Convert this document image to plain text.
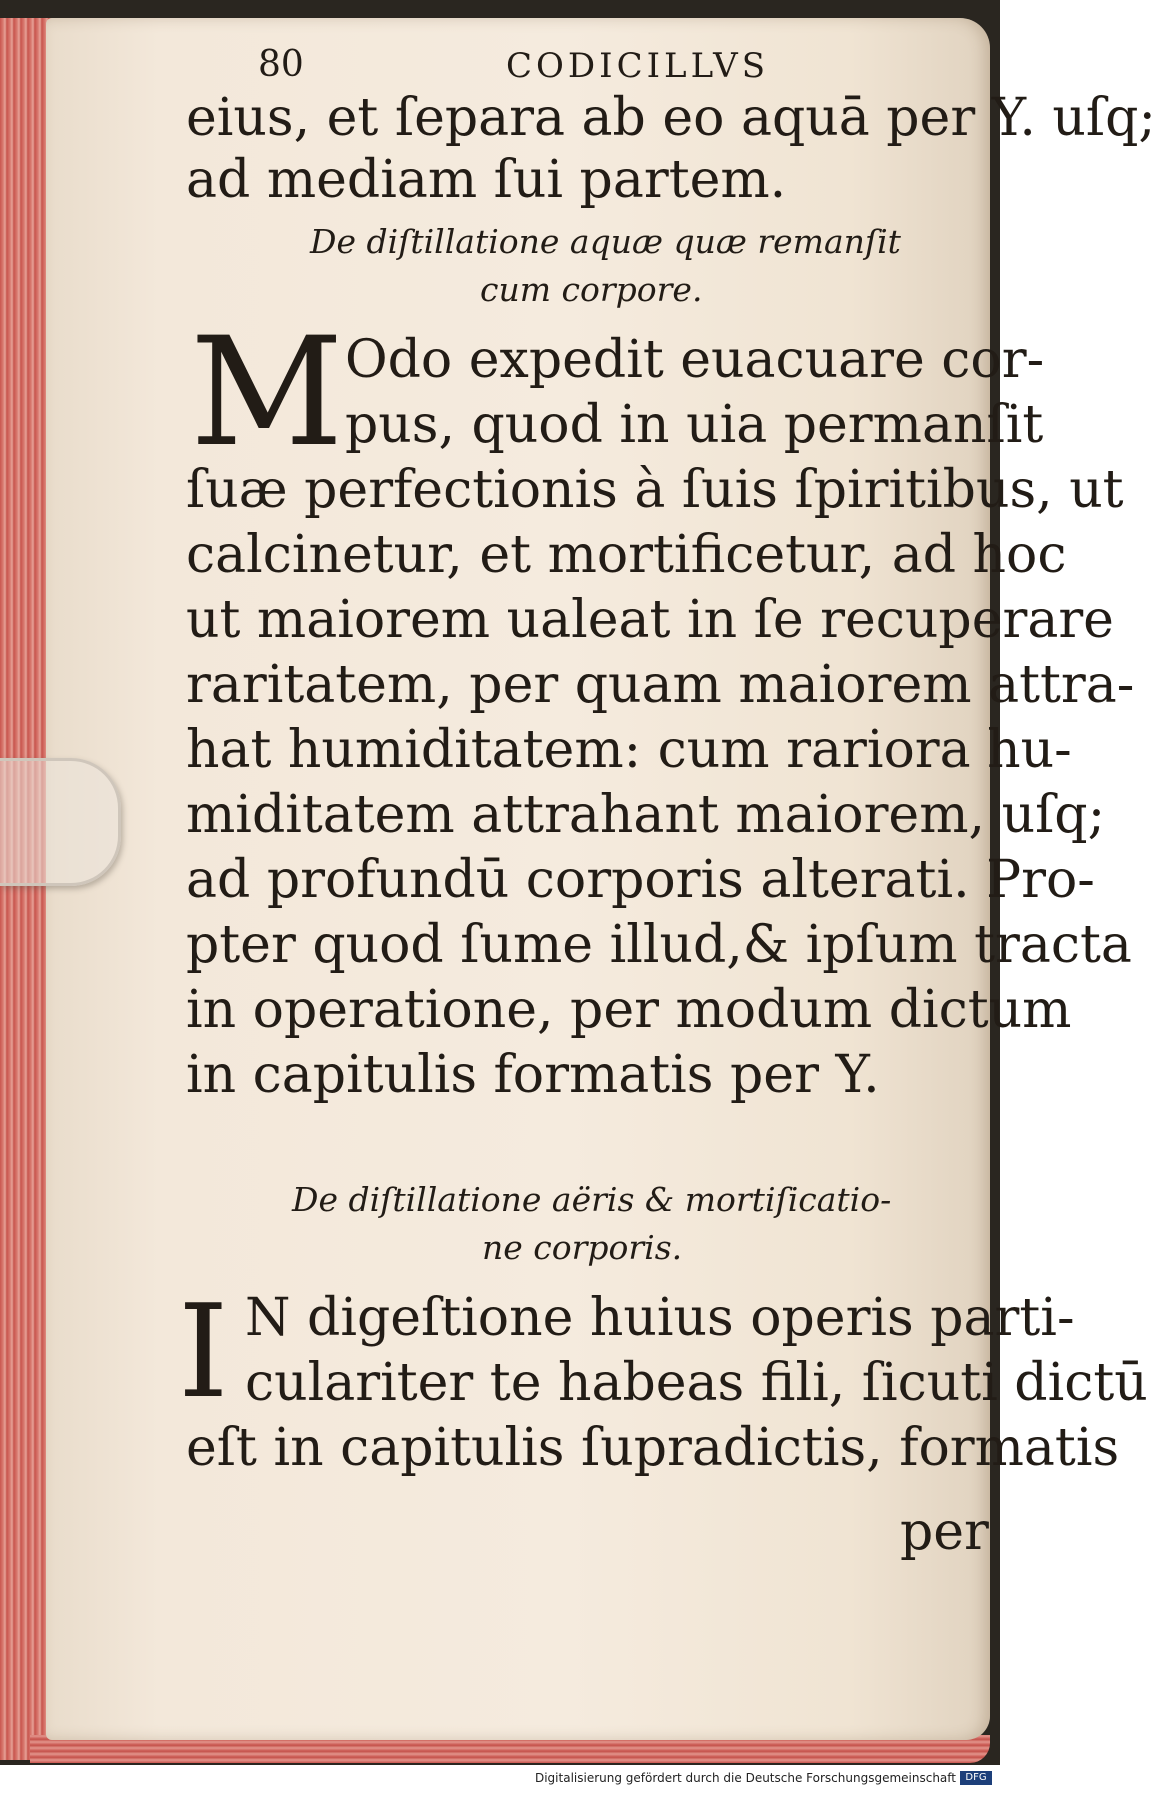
80	CODICILLVS
eius, et ſepara ab eo aquā per Y. uſq;
ad mediam ſui partem.
De diſtillatione aquæ quæ remanſit
cum corpore.
M Odo expedit euacuare cor-
pus, quod in uia permanſit
ſuæ perfectionis à ſuis ſpiritibus, ut
calcinetur, et mortificetur, ad hoc
ut maiorem ualeat in ſe recuperare
raritatem, per quam maiorem attra-
hat humiditatem: cum rariora hu-
miditatem attrahant maiorem, uſq;
ad profundū corporis alterati. Pro-
pter quod ſume illud,& ipſum tracta
in operatione, per modum dictum
in capitulis formatis per Y.
De diſtillatione aëris & mortiſicatio-
ne corporis.
I N digeſtione huius operis parti-
culariter te habeas fili, ſicuti dictū
eſt in capitulis ſupradictis, formatis
per
Digitalisierung gefördert durch die Deutsche Forschungsgemeinschaft DFG
